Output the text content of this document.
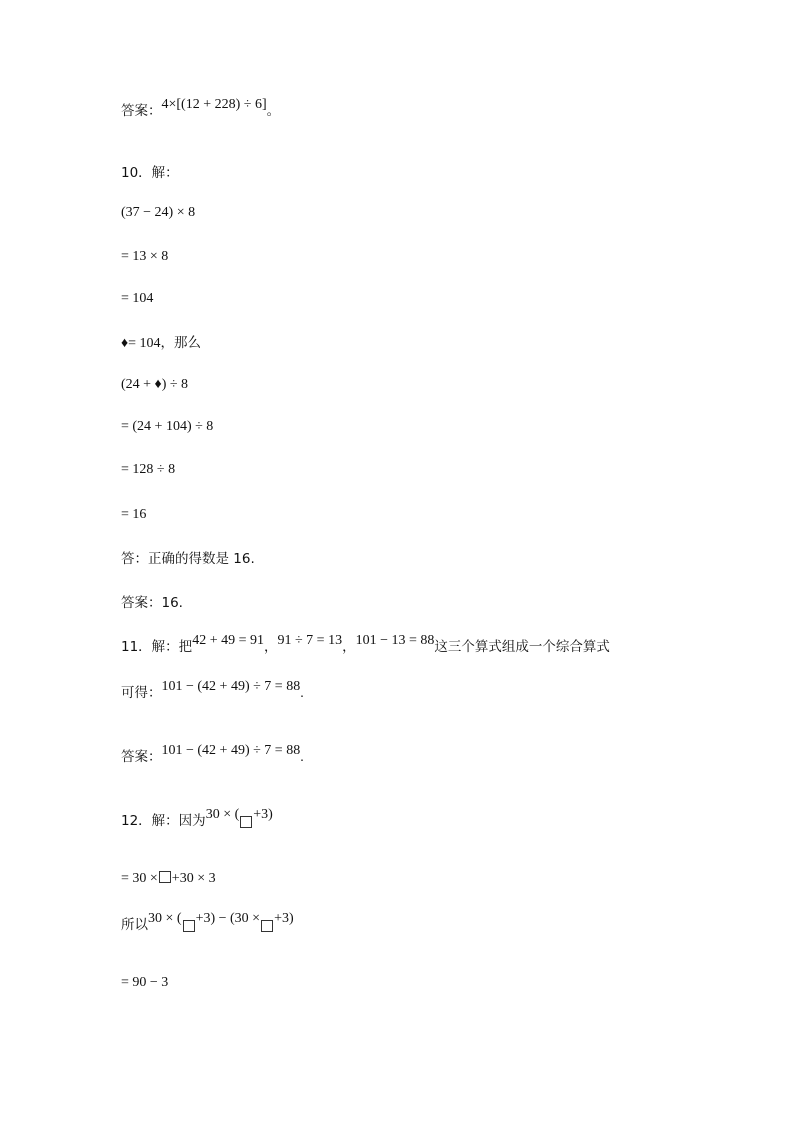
答案：4×[(12 + 228) ÷ 6]。
10．解：
(37 − 24) × 8
= 13 × 8
= 104
♦= 104，那么
(24 + ♦) ÷ 8
= (24 + 104) ÷ 8
= 128 ÷ 8
= 16
答：正确的得数是 16.
答案：16.
11．解：把42 + 49 = 91，91 ÷ 7 = 13，101 − 13 = 88这三个算式组成一个综合算式
可得：101 − (42 + 49) ÷ 7 = 88.
答案：101 − (42 + 49) ÷ 7 = 88.
12．解：因为30 × ( +3)
= 30 × +30 × 3
所以30 × ( +3) − (30 × +3)
= 90 − 3
